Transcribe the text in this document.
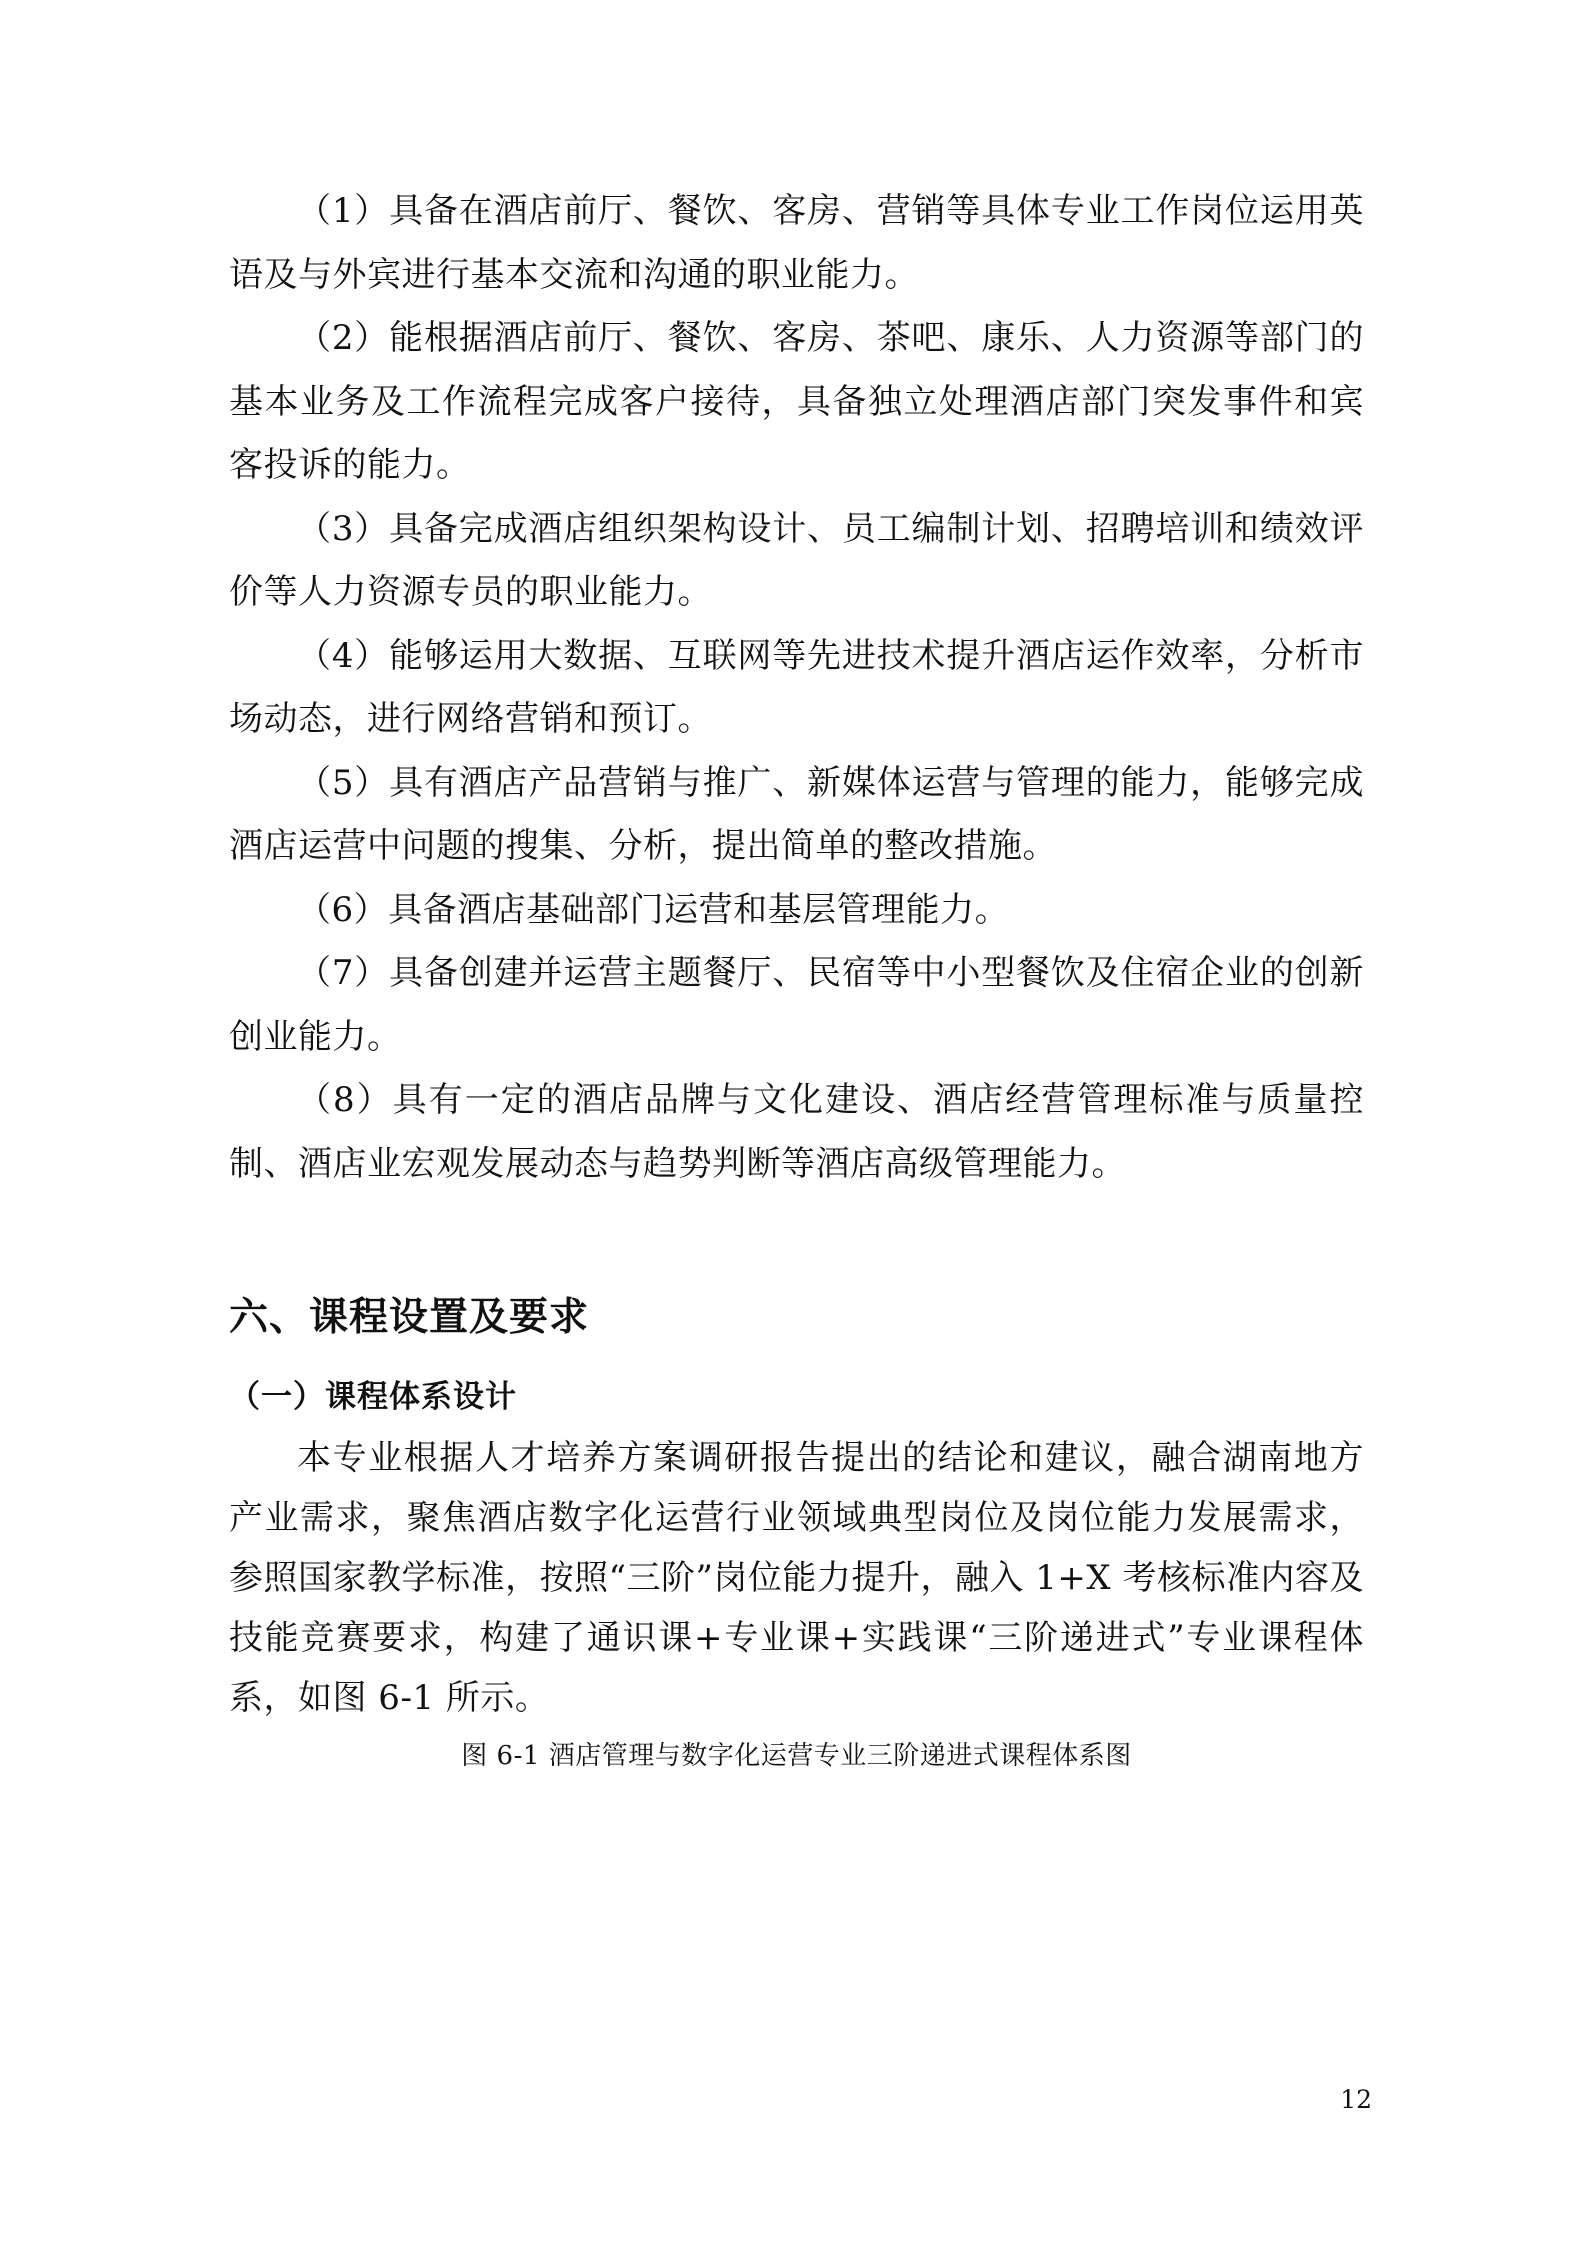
（1）具备在酒店前厅、餐饮、客房、营销等具体专业工作岗位运用英语及与外宾进行基本交流和沟通的职业能力。

（2）能根据酒店前厅、餐饮、客房、茶吧、康乐、人力资源等部门的基本业务及工作流程完成客户接待，具备独立处理酒店部门突发事件和宾客投诉的能力。

（3）具备完成酒店组织架构设计、员工编制计划、招聘培训和绩效评价等人力资源专员的职业能力。

（4）能够运用大数据、互联网等先进技术提升酒店运作效率，分析市场动态，进行网络营销和预订。

（5）具有酒店产品营销与推广、新媒体运营与管理的能力，能够完成酒店运营中问题的搜集、分析，提出简单的整改措施。

（6）具备酒店基础部门运营和基层管理能力。

（7）具备创建并运营主题餐厅、民宿等中小型餐饮及住宿企业的创新创业能力。

（8）具有一定的酒店品牌与文化建设、酒店经营管理标准与质量控制、酒店业宏观发展动态与趋势判断等酒店高级管理能力。

六、课程设置及要求
（一）课程体系设计

本专业根据人才培养方案调研报告提出的结论和建议，融合湖南地方产业需求，聚焦酒店数字化运营行业领域典型岗位及岗位能力发展需求，参照国家教学标准，按照“三阶”岗位能力提升，融入 1+X 考核标准内容及技能竞赛要求，构建了通识课+专业课+实践课“三阶递进式”专业课程体系，如图 6-1 所示。

图 6-1 酒店管理与数字化运营专业三阶递进式课程体系图

12
